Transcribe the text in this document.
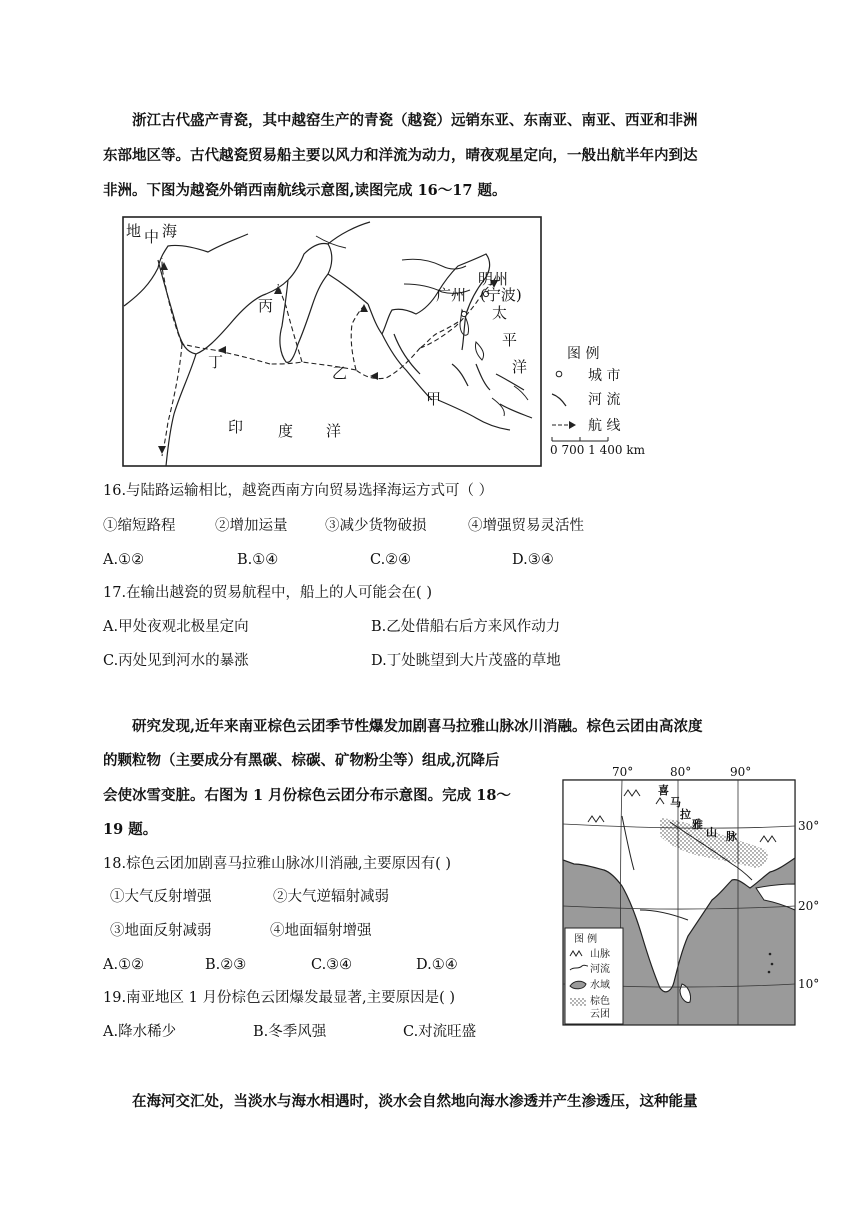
浙江古代盛产青瓷，其中越窑生产的青瓷（越瓷）远销东亚、东南亚、南亚、西亚和非洲
东部地区等。古代越瓷贸易船主要以风力和洋流为动力，晴夜观星定向，一般出航半年内到达
非洲。下图为越瓷外销西南航线示意图,读图完成 16～17 题。
地 中 海
丙
丁
乙
甲
广州
明州
(宁波)
太
平
洋
印 度 洋
图 例
城 市
河 流
航 线
0 700 1 400 km
16.与陆路运输相比，越瓷西南方向贸易选择海运方式可（ ）
①缩短路程	②增加运量	③减少货物破损	④增强贸易灵活性
A.①②	B.①④	C.②④	D.③④
17.在输出越瓷的贸易航程中，船上的人可能会在( )
A.甲处夜观北极星定向	B.乙处借船右后方来风作动力
C.丙处见到河水的暴涨	D.丁处眺望到大片茂盛的草地
研究发现,近年来南亚棕色云团季节性爆发加剧喜马拉雅山脉冰川消融。棕色云团由高浓度
的颗粒物（主要成分有黑碳、棕碳、矿物粉尘等）组成,沉降后
会使冰雪变脏。右图为 1 月份棕色云团分布示意图。完成 18～
19 题。
18.棕色云团加剧喜马拉雅山脉冰川消融,主要原因有( )
①大气反射增强	②大气逆辐射减弱
③地面反射减弱	④地面辐射增强
A.①②	B.②③	C.③④	D.①④
19.南亚地区 1 月份棕色云团爆发最显著,主要原因是( )
A.降水稀少	B.冬季风强	C.对流旺盛
70°	80°	90°
30°
20°
10°
喜
马
拉
雅
山 脉
图 例
山脉
河流
水域
棕色
云团
在海河交汇处，当淡水与海水相遇时，淡水会自然地向海水渗透并产生渗透压，这种能量
